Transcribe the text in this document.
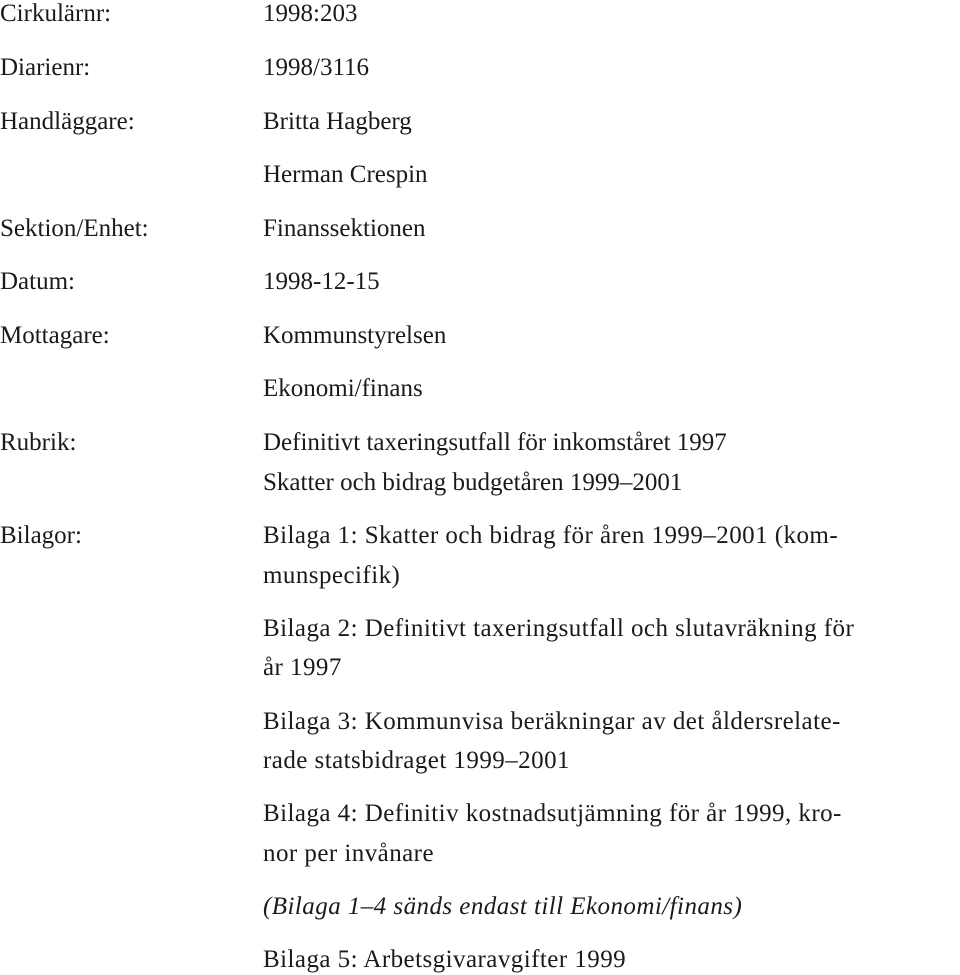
Cirkulärnr:	1998:203
Diarienr:	1998/3116
Handläggare:	Britta Hagberg
Herman Crespin
Sektion/Enhet:	Finanssektionen
Datum:	1998-12-15
Mottagare:	Kommunstyrelsen
Ekonomi/finans
Rubrik:	Definitivt taxeringsutfall för inkomståret 1997
Skatter och bidrag budgetåren 1999–2001
Bilagor:	Bilaga 1: Skatter och bidrag för åren 1999–2001 (kom-
munspecifik)
Bilaga 2: Definitivt taxeringsutfall och slutavräkning för
år 1997
Bilaga 3: Kommunvisa beräkningar av det åldersrelate-
rade statsbidraget 1999–2001
Bilaga 4: Definitiv kostnadsutjämning för år 1999, kro-
nor per invånare
(Bilaga 1–4 sänds endast till Ekonomi/finans)
Bilaga 5: Arbetsgivaravgifter 1999
